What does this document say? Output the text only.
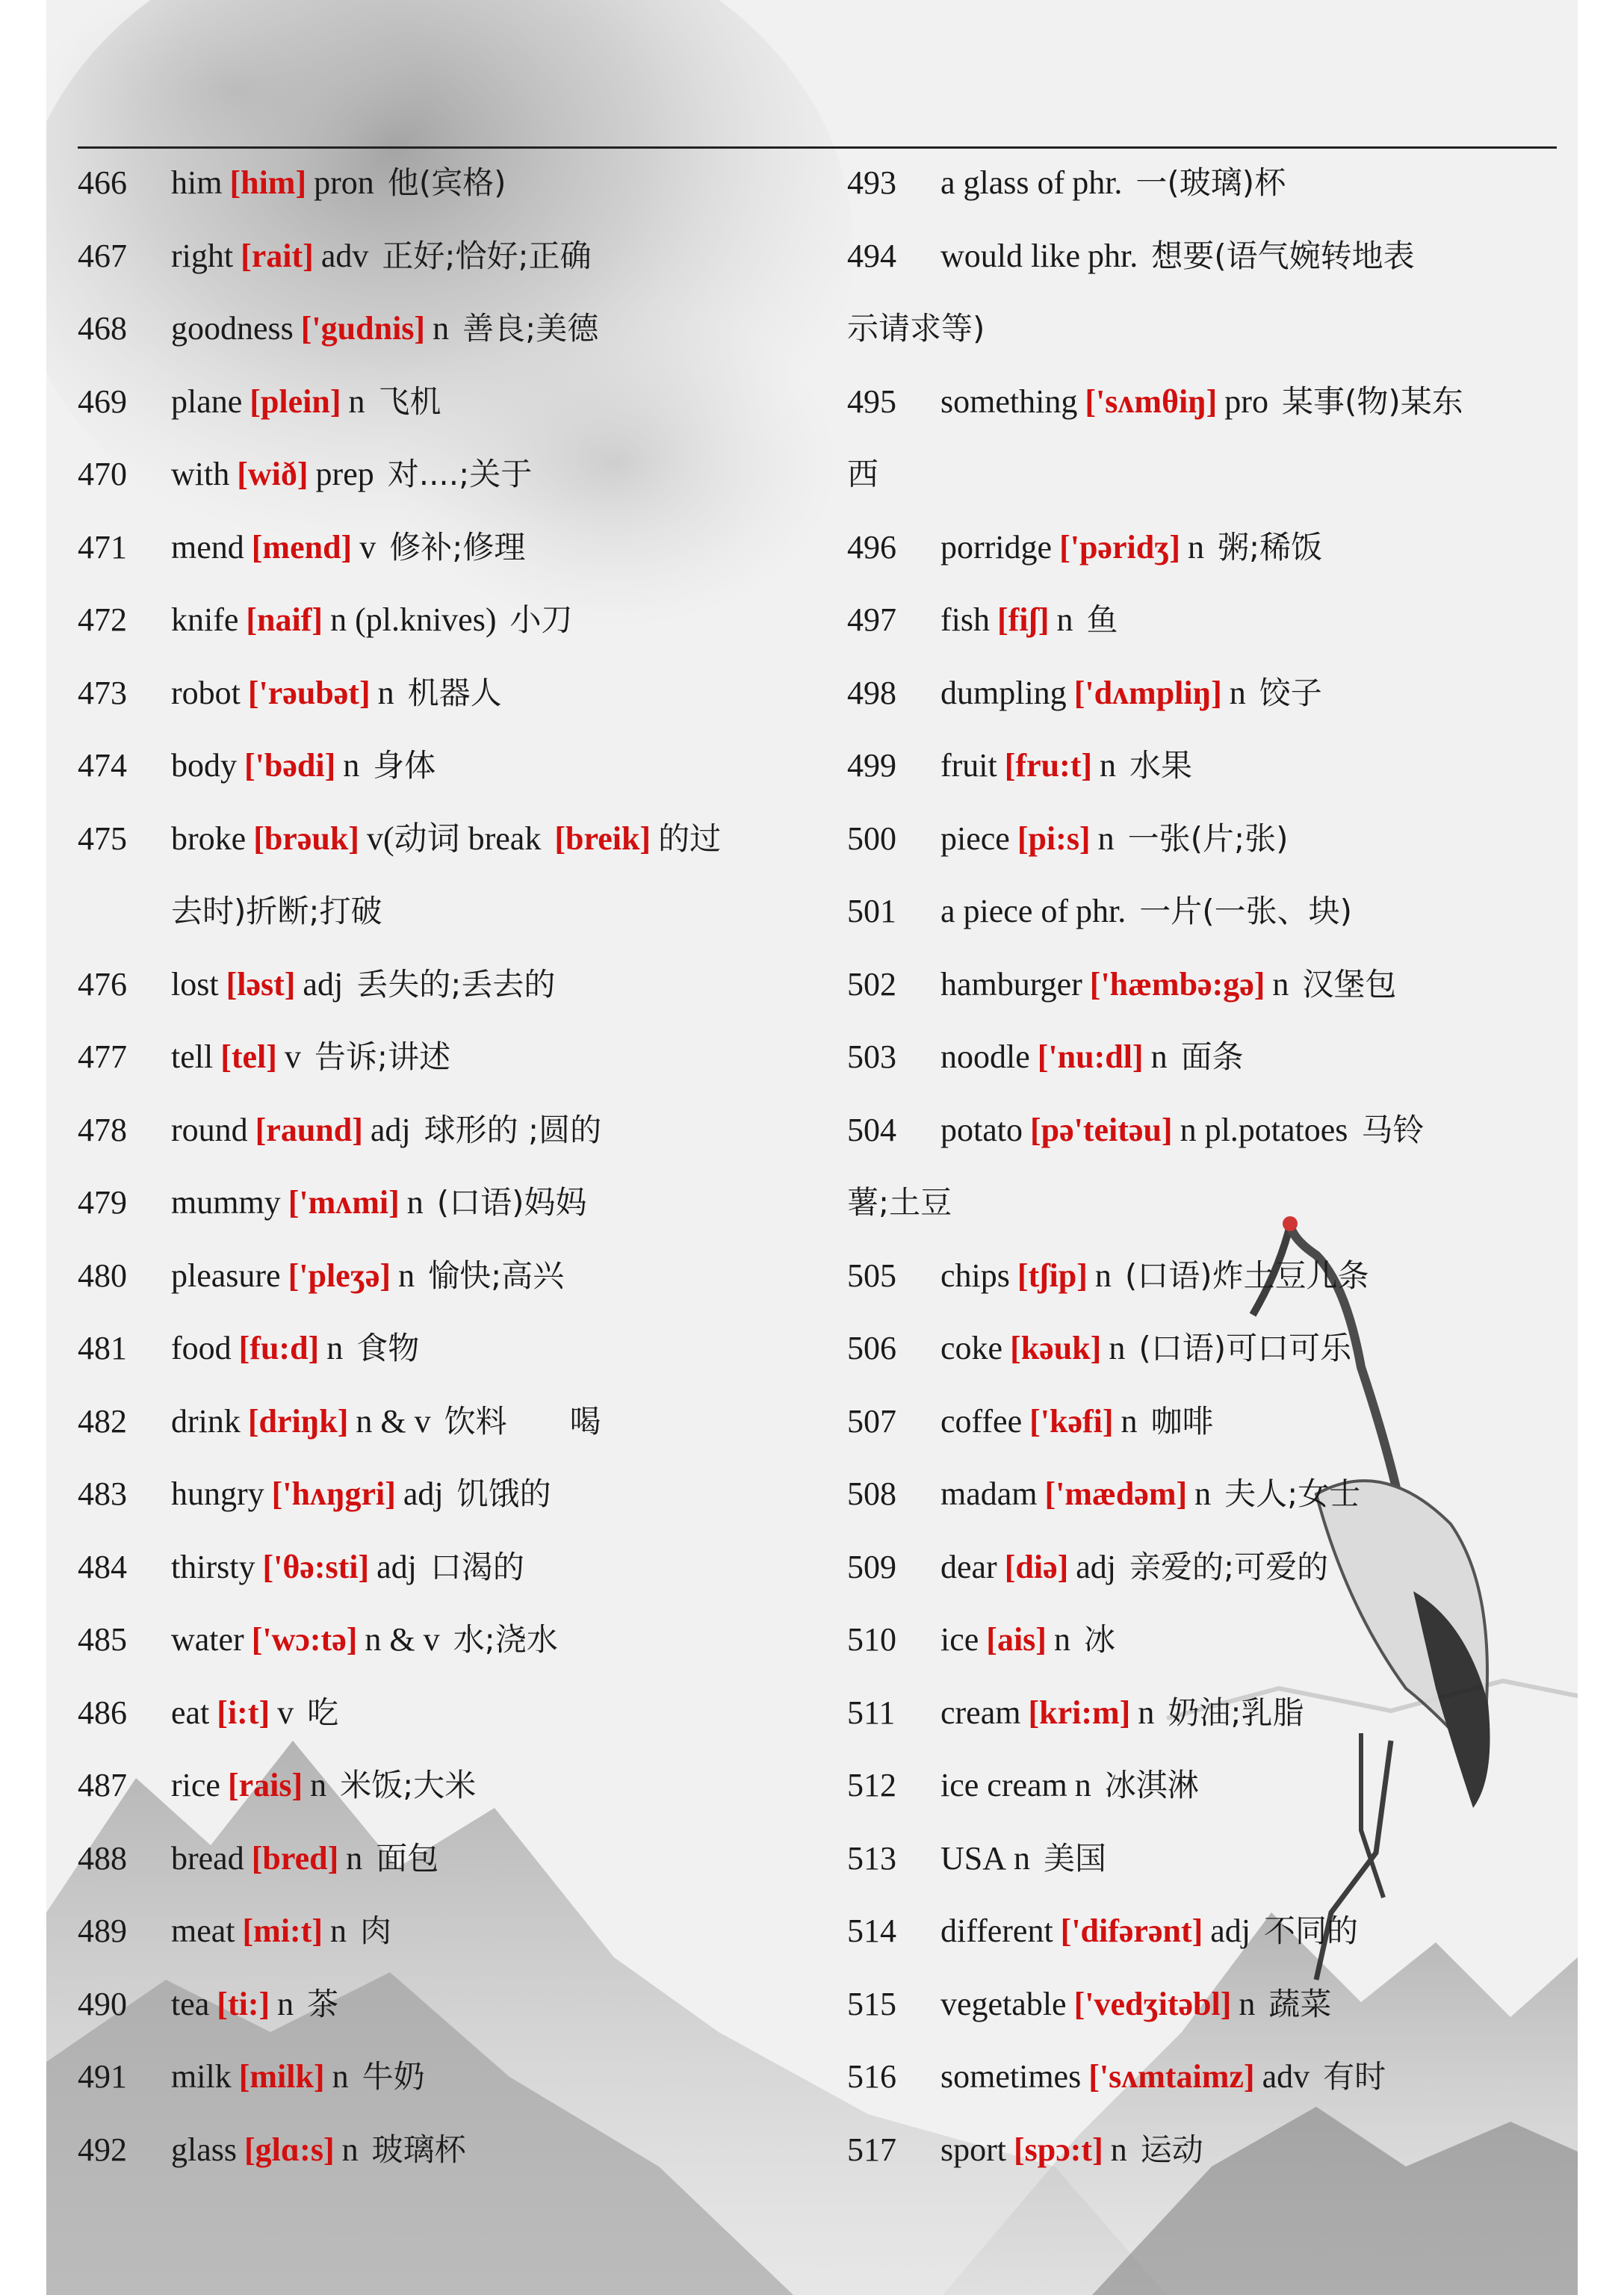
466 him [him] pron 他(宾格)
467 right [rait] adv 正好;恰好;正确
468 goodness ['gudnis] n 善良;美德
469 plane [plein] n 飞机
470 with [wið] prep 对....;关于
471 mend [mend] v 修补;修理
472 knife [naif] n (pl.knives) 小刀
473 robot ['rəubət] n 机器人
474 body ['bədi] n 身体
475 broke [brəuk] v(动词 break [breik] 的过
去时)折断;打破
476 lost [ləst] adj 丢失的;丢去的
477 tell [tel] v 告诉;讲述
478 round [raund] adj 球形的 ;圆的
479 mummy ['mʌmi] n (口语)妈妈
480 pleasure ['pleʒə] n 愉快;高兴
481 food [fu:d] n 食物
482 drink [driŋk] n & v 饮料　　喝
483 hungry ['hʌŋgri] adj 饥饿的
484 thirsty ['θə:sti] adj 口渴的
485 water ['wɔ:tə] n & v 水;浇水
486 eat [i:t] v 吃
487 rice [rais] n 米饭;大米
488 bread [bred] n 面包
489 meat [mi:t] n 肉
490 tea [ti:] n 茶
491 milk [milk] n 牛奶
492 glass [glɑ:s] n 玻璃杯
493 a glass of phr. 一(玻璃)杯
494 would like phr. 想要(语气婉转地表
示请求等)
495 something ['sʌmθiŋ] pro 某事(物)某东
西
496 porridge ['pəridʒ] n 粥;稀饭
497 fish [fiʃ] n 鱼
498 dumpling ['dʌmpliŋ] n 饺子
499 fruit [fru:t] n 水果
500 piece [pi:s] n 一张(片;张)
501 a piece of phr. 一片(一张、块)
502 hamburger ['hæmbə:gə] n 汉堡包
503 noodle ['nu:dl] n 面条
504 potato [pə'teitəu] n pl.potatoes 马铃
薯;土豆
505 chips [tʃip] n (口语)炸土豆儿条
506 coke [kəuk] n (口语)可口可乐
507 coffee ['kəfi] n 咖啡
508 madam ['mædəm] n 夫人;女士
509 dear [diə] adj 亲爱的;可爱的
510 ice [ais] n 冰
511 cream [kri:m] n 奶油;乳脂
512 ice cream n 冰淇淋
513 USA n 美国
514 different ['difərənt] adj 不同的
515 vegetable ['vedʒitəbl] n 蔬菜
516 sometimes ['sʌmtaimz] adv 有时
517 sport [spɔ:t] n 运动
